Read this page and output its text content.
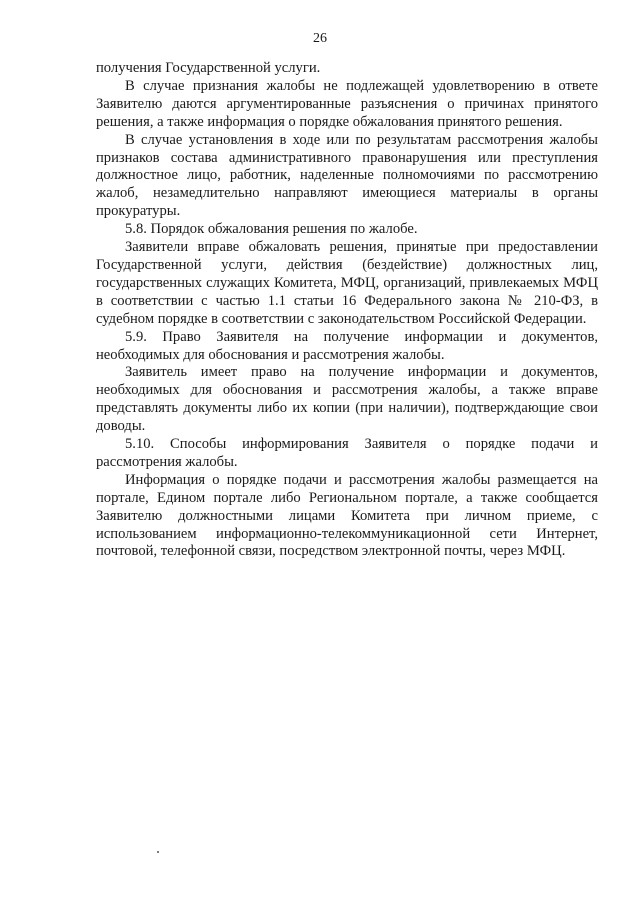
26

получения Государственной услуги.

В случае признания жалобы не подлежащей удовлетворению в ответе Заявителю даются аргументированные разъяснения о причинах принятого решения, а также информация о порядке обжалования принятого решения.

В случае установления в ходе или по результатам рассмотрения жалобы признаков состава административного правонарушения или преступления должностное лицо, работник, наделенные полномочиями по рассмотрению жалоб, незамедлительно направляют имеющиеся материалы в органы прокуратуры.

5.8. Порядок обжалования решения по жалобе.

Заявители вправе обжаловать решения, принятые при предоставлении Государственной услуги, действия (бездействие) должностных лиц, государственных служащих Комитета, МФЦ, организаций, привлекаемых МФЦ в соответствии с частью 1.1 статьи 16 Федерального закона № 210-ФЗ, в судебном порядке в соответствии с законодательством Российской Федерации.

5.9. Право Заявителя на получение информации и документов, необходимых для обоснования и рассмотрения жалобы.

Заявитель имеет право на получение информации и документов, необходимых для обоснования и рассмотрения жалобы, а также вправе представлять документы либо их копии (при наличии), подтверждающие свои доводы.

5.10. Способы информирования Заявителя о порядке подачи и рассмотрения жалобы.

Информация о порядке подачи и рассмотрения жалобы размещается на портале, Едином портале либо Региональном портале, а также сообщается Заявителю должностными лицами Комитета при личном приеме, с использованием информационно-телекоммуникационной сети Интернет, почтовой, телефонной связи, посредством электронной почты, через МФЦ.
